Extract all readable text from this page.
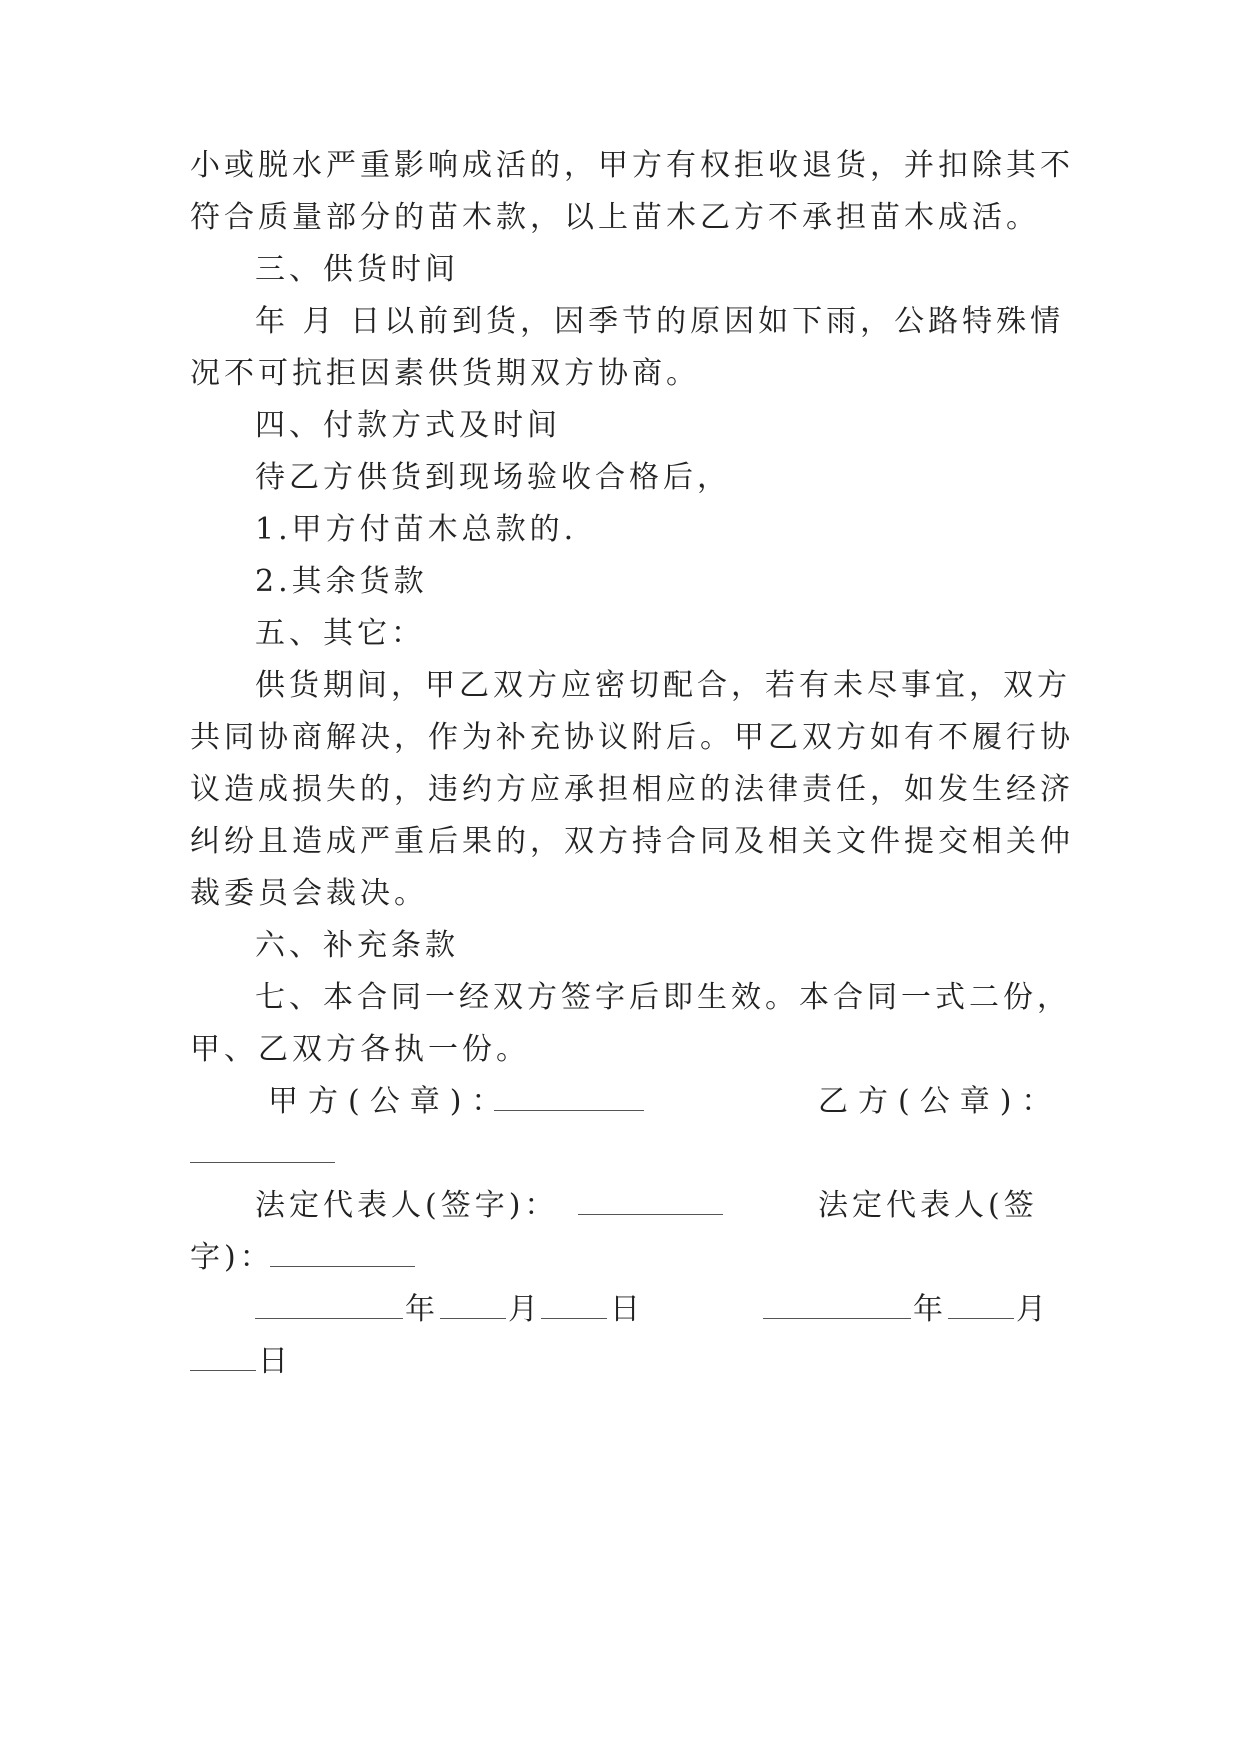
小或脱水严重影响成活的，甲方有权拒收退货，并扣除其不
符合质量部分的苗木款，以上苗木乙方不承担苗木成活。
三、供货时间
年 月 日以前到货，因季节的原因如下雨，公路特殊情
况不可抗拒因素供货期双方协商。
四、付款方式及时间
待乙方供货到现场验收合格后，
1.甲方付苗木总款的.
2.其余货款
五、其它：
供货期间，甲乙双方应密切配合，若有未尽事宜，双方
共同协商解决，作为补充协议附后。甲乙双方如有不履行协
议造成损失的，违约方应承担相应的法律责任，如发生经济
纠纷且造成严重后果的，双方持合同及相关文件提交相关仲
裁委员会裁决。
六、补充条款
七、本合同一经双方签字后即生效。本合同一式二份，
甲、乙双方各执一份。
甲方(公章)：	乙方(公章)：
法定代表人(签字)：	法定代表人(签
字)：
年 月 日	年 月
日
